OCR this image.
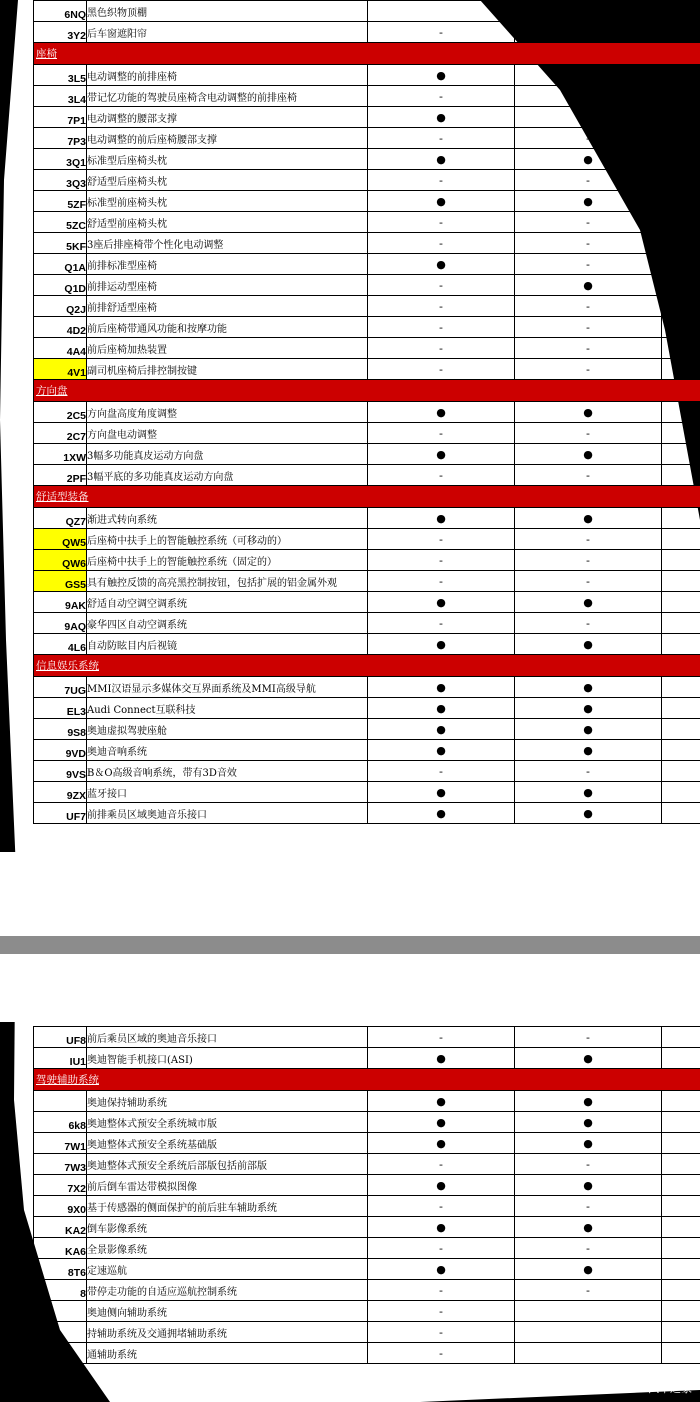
6NQ	黑色织物顶棚			
3Y2	后车窗遮阳帘	-		
座椅				
3L5	电动调整的前排座椅	●		
3L4	带记忆功能的驾驶员座椅含电动调整的前排座椅	-	●	
7P1	电动调整的腰部支撑	●	●	
7P3	电动调整的前后座椅腰部支撑	-	-	
3Q1	标准型后座椅头枕	●	●	
3Q3	舒适型后座椅头枕	-	-	
5ZF	标准型前座椅头枕	●	●	
5ZC	舒适型前座椅头枕	-	-	
5KF	3座后排座椅带个性化电动调整	-	-	
Q1A	前排标准型座椅	●	-	
Q1D	前排运动型座椅	-	●	
Q2J	前排舒适型座椅	-	-	
4D2	前后座椅带通风功能和按摩功能	-	-	
4A4	前后座椅加热装置	-	-	
4V1	副司机座椅后排控制按键	-	-	
方向盘				
2C5	方向盘高度角度调整	●	●	
2C7	方向盘电动调整	-	-	
1XW	3幅多功能真皮运动方向盘	●	●	
2PF	3幅平底的多功能真皮运动方向盘	-	-	
舒适型装备				
QZ7	渐进式转向系统	●	●	
QW5	后座椅中扶手上的智能触控系统（可移动的）	-	-	
QW6	后座椅中扶手上的智能触控系统（固定的）	-	-	
GS5	具有触控反馈的高亮黑控制按钮，包括扩展的铝金属外观	-	-	
9AK	舒适自动空调空调系统	●	●	
9AQ	豪华四区自动空调系统	-	-	
4L6	自动防眩目内后视镜	●	●	
信息娱乐系统				
7UG	MMI汉语显示多媒体交互界面系统及MMI高级导航	●	●	
EL3	Audi Connect互联科技	●	●	
9S8	奥迪虚拟驾驶座舱	●	●	
9VD	奥迪音响系统	●	●	
9VS	B＆O高级音响系统，带有3D音效	-	-	
9ZX	蓝牙接口	●	●	
UF7	前排乘员区域奥迪音乐接口	●	●	
UF8	前后乘员区域的奥迪音乐接口	-	-	
IU1	奥迪智能手机接口(ASI)	●	●	
驾驶辅助系统				
	奥迪保持辅助系统	●	●	
6k8	奥迪整体式预安全系统城市版	●	●	
7W1	奥迪整体式预安全系统基础版	●	●	
7W3	奥迪整体式预安全系统后部版包括前部版	-	-	
7X2	前后倒车雷达带模拟图像	●	●	
9X0	基于传感器的侧面保护的前后驻车辅助系统	-	-	
KA2	倒车影像系统	●	●	
KA6	全景影像系统	-	-	
8T6	定速巡航	●	●	
8	带停走功能的自适应巡航控制系统	-	-	
	奥迪侧向辅助系统	-		
	持辅助系统及交通拥堵辅助系统	-		
	通辅助系统	-		
汽车之家
